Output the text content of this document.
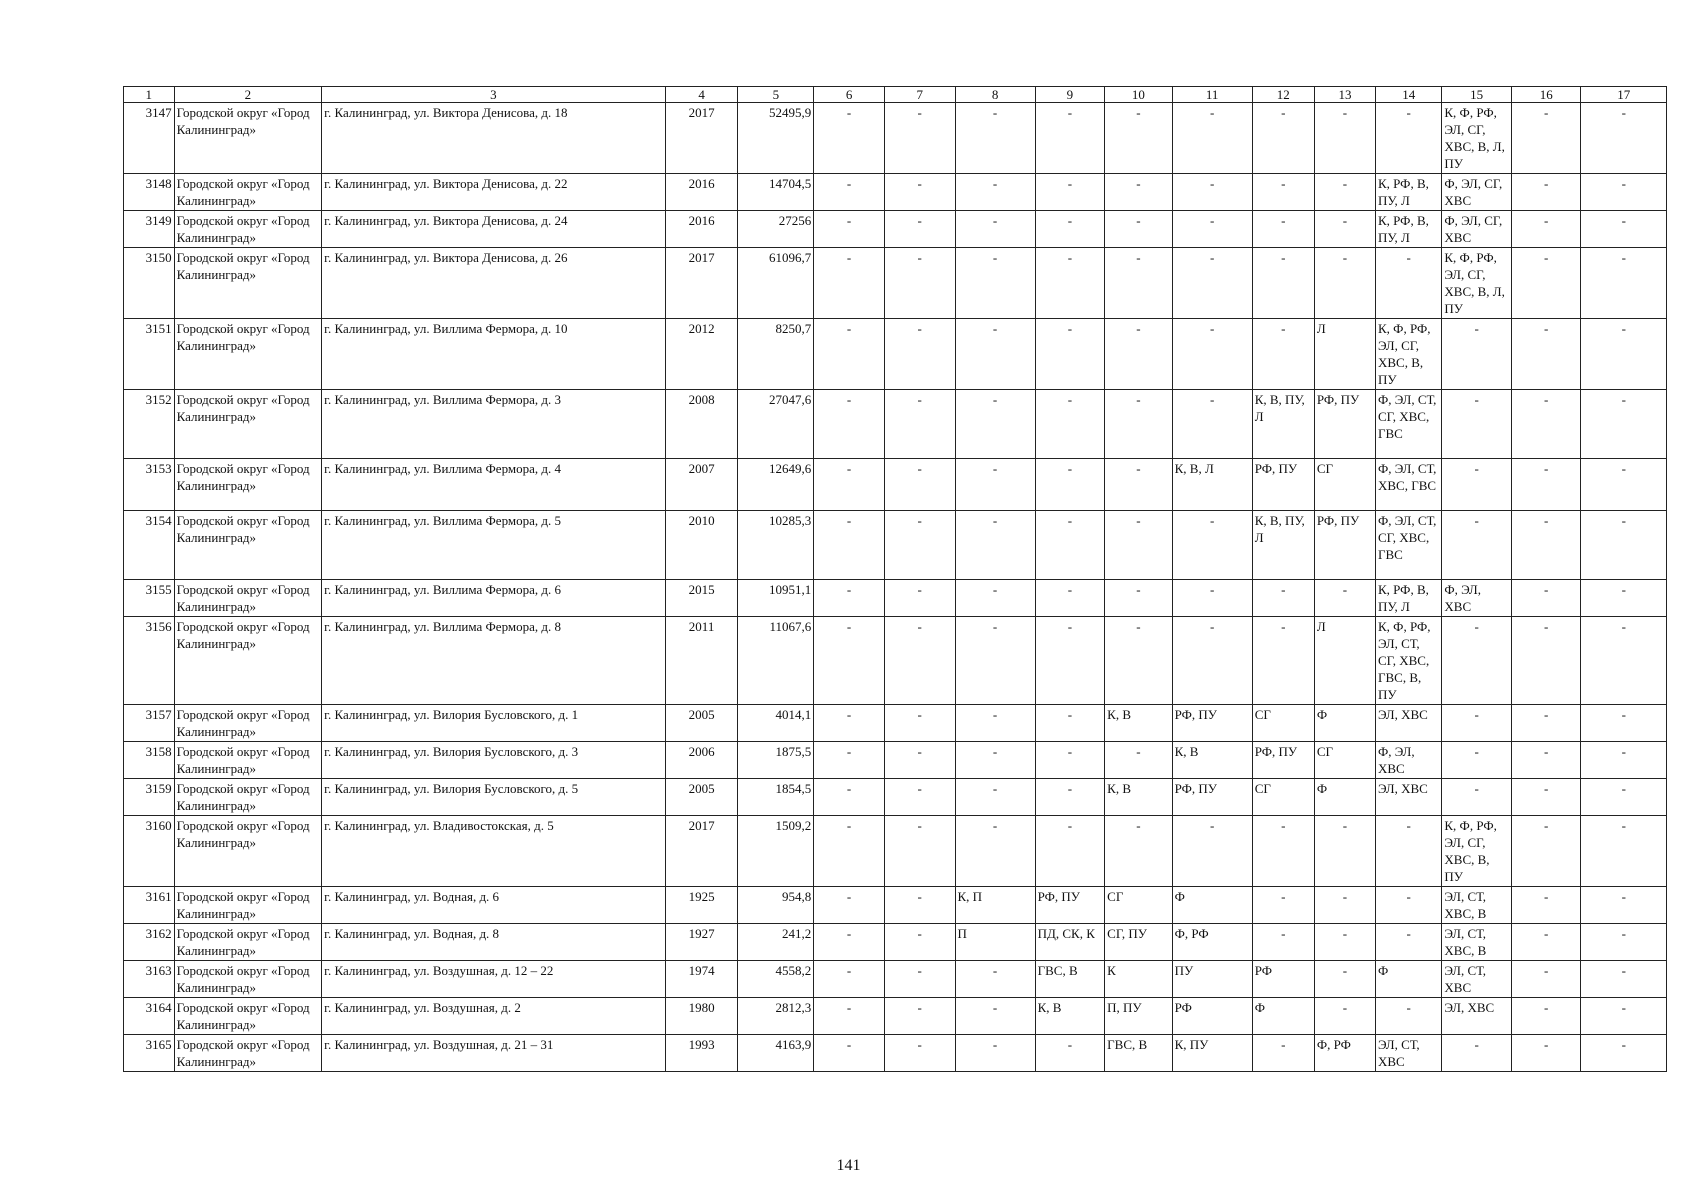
1	2	3	4	5	6	7	8	9	10	11	12	13	14	15	16	17
3147	Городской округ «Город Калининград»	г. Калининград, ул. Виктора Денисова, д. 18	2017	52495,9	-	-	-	-	-	-	-	-	-	К, Ф, РФ, ЭЛ, СГ, ХВС, В, Л, ПУ	-	-
3148	Городской округ «Город Калининград»	г. Калининград, ул. Виктора Денисова, д. 22	2016	14704,5	-	-	-	-	-	-	-	-	К, РФ, В, ПУ, Л	Ф, ЭЛ, СГ, ХВС	-	-
3149	Городской округ «Город Калининград»	г. Калининград, ул. Виктора Денисова, д. 24	2016	27256	-	-	-	-	-	-	-	-	К, РФ, В, ПУ, Л	Ф, ЭЛ, СГ, ХВС	-	-
3150	Городской округ «Город Калининград»	г. Калининград, ул. Виктора Денисова, д. 26	2017	61096,7	-	-	-	-	-	-	-	-	-	К, Ф, РФ, ЭЛ, СГ, ХВС, В, Л, ПУ	-	-
3151	Городской округ «Город Калининград»	г. Калининград, ул. Виллима Фермора, д. 10	2012	8250,7	-	-	-	-	-	-	-	Л	К, Ф, РФ, ЭЛ, СГ, ХВС, В, ПУ	-	-	-
3152	Городской округ «Город Калининград»	г. Калининград, ул. Виллима Фермора, д. 3	2008	27047,6	-	-	-	-	-	-	К, В, ПУ, Л	РФ, ПУ	Ф, ЭЛ, СТ, СГ, ХВС, ГВС	-	-	-
3153	Городской округ «Город Калининград»	г. Калининград, ул. Виллима Фермора, д. 4	2007	12649,6	-	-	-	-	-	К, В, Л	РФ, ПУ	СГ	Ф, ЭЛ, СТ, ХВС, ГВС	-	-	-
3154	Городской округ «Город Калининград»	г. Калининград, ул. Виллима Фермора, д. 5	2010	10285,3	-	-	-	-	-	-	К, В, ПУ, Л	РФ, ПУ	Ф, ЭЛ, СТ, СГ, ХВС, ГВС	-	-	-
3155	Городской округ «Город Калининград»	г. Калининград, ул. Виллима Фермора, д. 6	2015	10951,1	-	-	-	-	-	-	-	-	К, РФ, В, ПУ, Л	Ф, ЭЛ, ХВС	-	-
3156	Городской округ «Город Калининград»	г. Калининград, ул. Виллима Фермора, д. 8	2011	11067,6	-	-	-	-	-	-	-	Л	К, Ф, РФ, ЭЛ, СТ, СГ, ХВС, ГВС, В, ПУ	-	-	-
3157	Городской округ «Город Калининград»	г. Калининград, ул. Вилория Бусловского, д. 1	2005	4014,1	-	-	-	-	К, В	РФ, ПУ	СГ	Ф	ЭЛ, ХВС	-	-	-
3158	Городской округ «Город Калининград»	г. Калининград, ул. Вилория Бусловского, д. 3	2006	1875,5	-	-	-	-	-	К, В	РФ, ПУ	СГ	Ф, ЭЛ, ХВС	-	-	-
3159	Городской округ «Город Калининград»	г. Калининград, ул. Вилория Бусловского, д. 5	2005	1854,5	-	-	-	-	К, В	РФ, ПУ	СГ	Ф	ЭЛ, ХВС	-	-	-
3160	Городской округ «Город Калининград»	г. Калининград, ул. Владивостокская, д. 5	2017	1509,2	-	-	-	-	-	-	-	-	-	К, Ф, РФ, ЭЛ, СГ, ХВС, В, ПУ	-	-
3161	Городской округ «Город Калининград»	г. Калининград, ул. Водная, д. 6	1925	954,8	-	-	К, П	РФ, ПУ	СГ	Ф	-	-	-	ЭЛ, СТ, ХВС, В	-	-
3162	Городской округ «Город Калининград»	г. Калининград, ул. Водная, д. 8	1927	241,2	-	-	П	ПД, СК, К	СГ, ПУ	Ф, РФ	-	-	-	ЭЛ, СТ, ХВС, В	-	-
3163	Городской округ «Город Калининград»	г. Калининград, ул. Воздушная, д. 12 – 22	1974	4558,2	-	-	-	ГВС, В	К	ПУ	РФ	-	Ф	ЭЛ, СТ, ХВС	-	-
3164	Городской округ «Город Калининград»	г. Калининград, ул. Воздушная, д. 2	1980	2812,3	-	-	-	К, В	П, ПУ	РФ	Ф	-	-	ЭЛ, ХВС	-	-
3165	Городской округ «Город Калининград»	г. Калининград, ул. Воздушная, д. 21 – 31	1993	4163,9	-	-	-	-	ГВС, В	К, ПУ	-	Ф, РФ	ЭЛ, СТ, ХВС	-	-	-
141
